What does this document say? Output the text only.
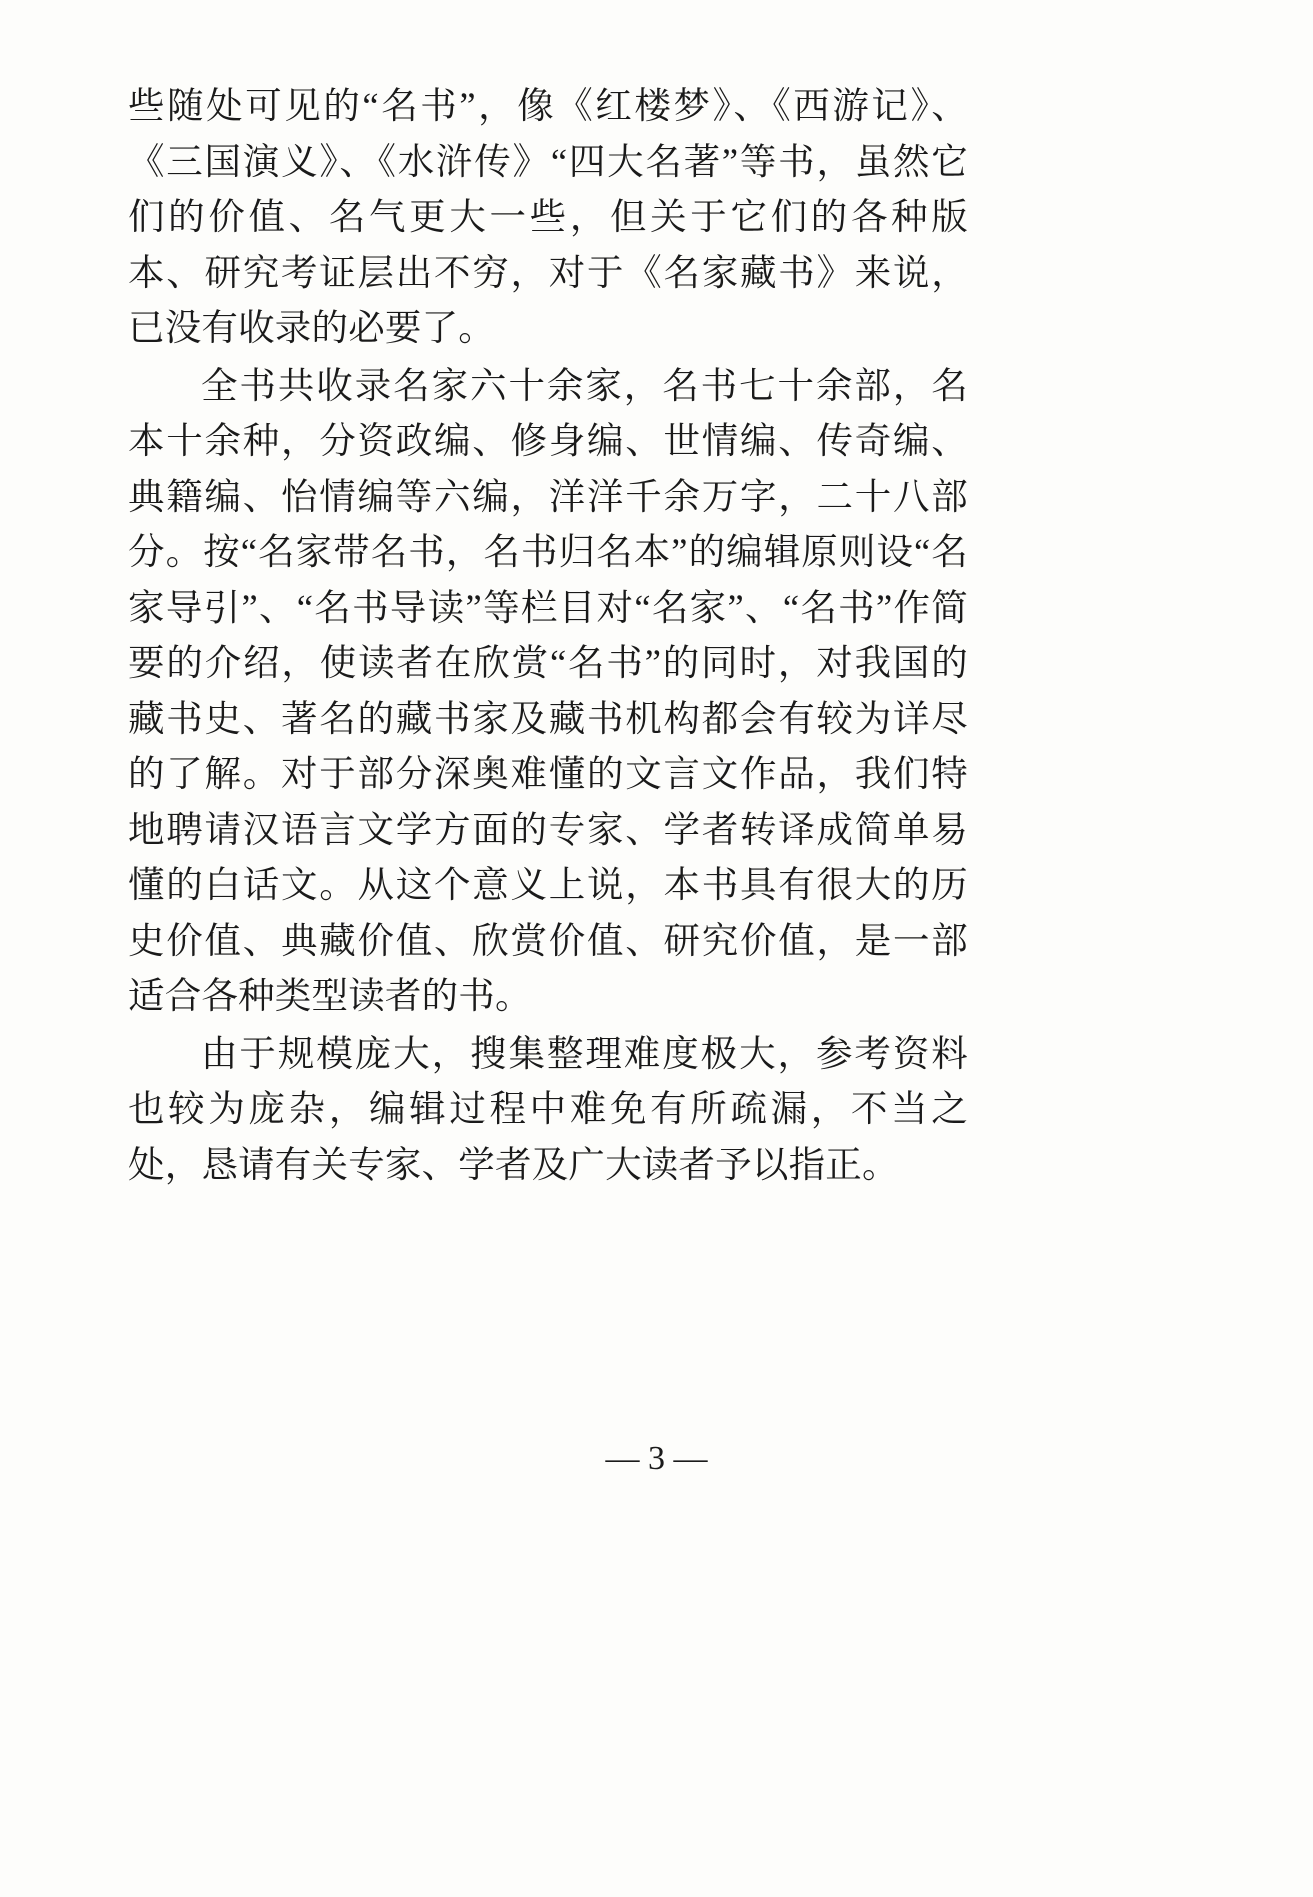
些随处可见的“名书”，像《红楼梦》、《西游记》、《三国演义》、《水浒传》“四大名著”等书，虽然它们的价值、名气更大一些，但关于它们的各种版本、研究考证层出不穷，对于《名家藏书》来说，已没有收录的必要了。

全书共收录名家六十余家，名书七十余部，名本十余种，分资政编、修身编、世情编、传奇编、典籍编、怡情编等六编，洋洋千余万字，二十八部分。按“名家带名书，名书归名本”的编辑原则设“名家导引”、“名书导读”等栏目对“名家”、“名书”作简要的介绍，使读者在欣赏“名书”的同时，对我国的藏书史、著名的藏书家及藏书机构都会有较为详尽的了解。对于部分深奥难懂的文言文作品，我们特地聘请汉语言文学方面的专家、学者转译成简单易懂的白话文。从这个意义上说，本书具有很大的历史价值、典藏价值、欣赏价值、研究价值，是一部适合各种类型读者的书。

由于规模庞大，搜集整理难度极大，参考资料也较为庞杂，编辑过程中难免有所疏漏，不当之处，恳请有关专家、学者及广大读者予以指正。

— 3 —
